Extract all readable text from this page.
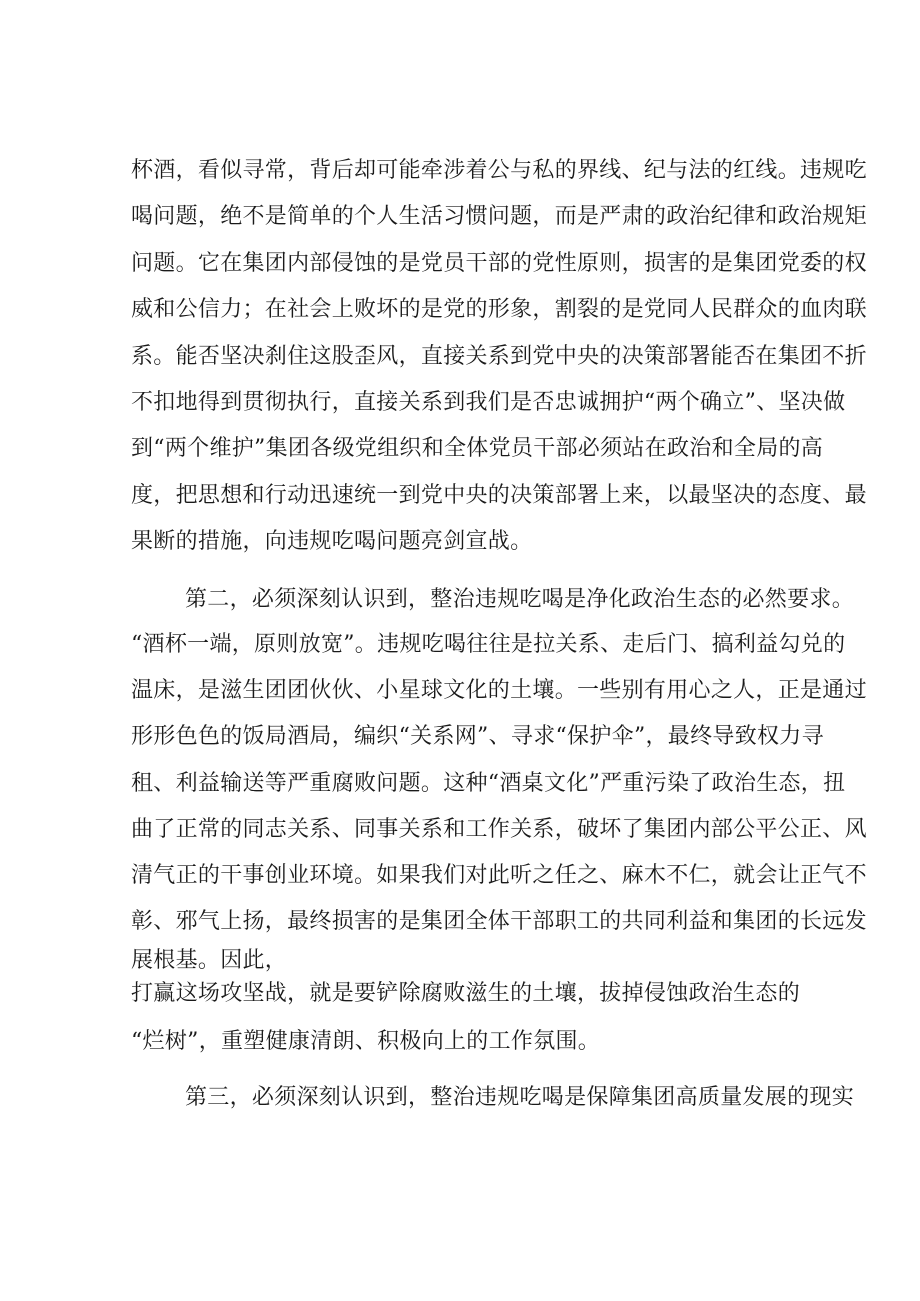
杯酒，看似寻常，背后却可能牵涉着公与私的界线、纪与法的红线。违规吃
喝问题，绝不是简单的个人生活习惯问题，而是严肃的政治纪律和政治规矩
问题。它在集团内部侵蚀的是党员干部的党性原则，损害的是集团党委的权
威和公信力；在社会上败坏的是党的形象，割裂的是党同人民群众的血肉联
系。能否坚决刹住这股歪风，直接关系到党中央的决策部署能否在集团不折
不扣地得到贯彻执行，直接关系到我们是否忠诚拥护“两个确立”、坚决做
到“两个维护”集团各级党组织和全体党员干部必须站在政治和全局的高
度，把思想和行动迅速统一到党中央的决策部署上来，以最坚决的态度、最
果断的措施，向违规吃喝问题亮剑宣战。
第二，必须深刻认识到，整治违规吃喝是净化政治生态的必然要求。
“酒杯一端，原则放宽”。违规吃喝往往是拉关系、走后门、搞利益勾兑的
温床，是滋生团团伙伙、小星球文化的土壤。一些别有用心之人，正是通过
形形色色的饭局酒局，编织“关系网”、寻求“保护伞”，最终导致权力寻
租、利益输送等严重腐败问题。这种“酒桌文化”严重污染了政治生态，扭
曲了正常的同志关系、同事关系和工作关系，破坏了集团内部公平公正、风
清气正的干事创业环境。如果我们对此听之任之、麻木不仁，就会让正气不
彰、邪气上扬，最终损害的是集团全体干部职工的共同利益和集团的长远发
展根基。因此，
打赢这场攻坚战，就是要铲除腐败滋生的土壤，拔掉侵蚀政治生态的
“烂树”，重塑健康清朗、积极向上的工作氛围。
第三，必须深刻认识到，整治违规吃喝是保障集团高质量发展的现实
